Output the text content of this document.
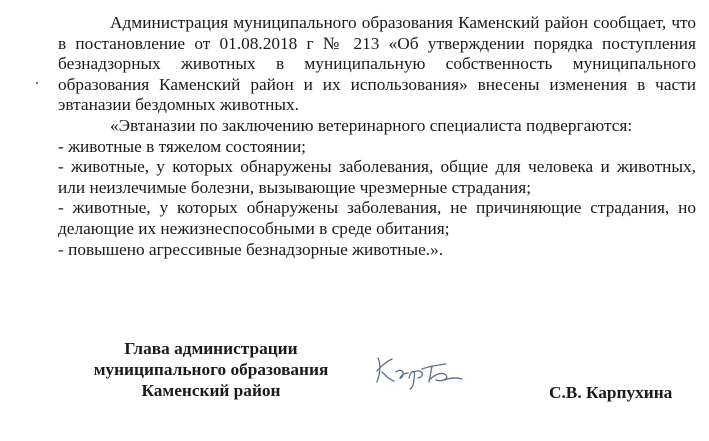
Администрация муниципального образования Каменский район сообщает, что в постановление от 01.08.2018 г № 213 «Об утверждении порядка поступления безнадзорных животных в муниципальную собственность муниципального образования Каменский район и их использования» внесены изменения в части эвтаназии бездомных животных.

«Эвтаназии по заключению ветеринарного специалиста подвергаются:

- животные в тяжелом состоянии;

- животные, у которых обнаружены заболевания, общие для человека и животных, или неизлечимые болезни, вызывающие чрезмерные страдания;

- животные, у которых обнаружены заболевания, не причиняющие страдания, но делающие их нежизнеспособными в среде обитания;

- повышено агрессивные безнадзорные животные.».

Глава администрации
муниципального образования
Каменский район	С.В. Карпухина
